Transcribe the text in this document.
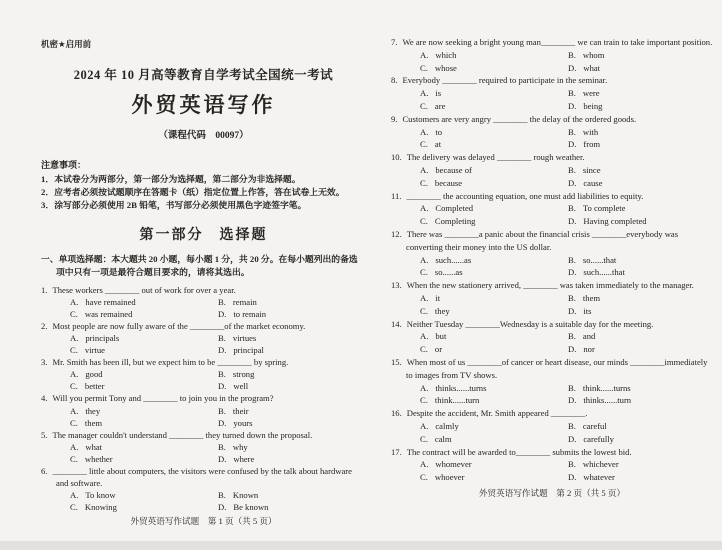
机密★启用前
2024 年 10 月高等教育自学考试全国统一考试
外贸英语写作
（课程代码　00097）
注意事项：
1．本试卷分为两部分，第一部分为选择题，第二部分为非选择题。
2．应考者必须按试题顺序在答题卡（纸）指定位置上作答，答在试卷上无效。
3．涂写部分必须使用 2B 铅笔，书写部分必须使用黑色字迹签字笔。
第一部分　选择题
一、单项选择题：本大题共 20 小题，每小题 1 分，共 20 分。在每小题列出的备选项中只有一项是最符合题目要求的，请将其选出。
1. These workers ________ out of work for over a year.
A. have remained	B. remain
C. was remained	D. to remain
2. Most people are now fully aware of the ________of the market economy.
A. principals	B. virtues
C. virtue	D. principal
3. Mr. Smith has been ill, but we expect him to be ________ by spring.
A. good	B. strong
C. better	D. well
4. Will you permit Tony and ________ to join you in the program?
A. they	B. their
C. them	D. yours
5. The manager couldn't understand ________ they turned down the proposal.
A. what	B. why
C. whether	D. where
6. ________ little about computers, the visitors were confused by the talk about hardware and software.
A. To know	B. Known
C. Knowing	D. Be known
外贸英语写作试题　第 1 页（共 5 页）
7. We are now seeking a bright young man________ we can train to take important position.
A. which	B. whom
C. whose	D. what
8. Everybody ________ required to participate in the seminar.
A. is	B. were
C. are	D. being
9. Customers are very angry ________ the delay of the ordered goods.
A. to	B. with
C. at	D. from
10. The delivery was delayed ________ rough weather.
A. because of	B. since
C. because	D. cause
11. ________ the accounting equation, one must add liabilities to equity.
A. Completed	B. To complete
C. Completing	D. Having completed
12. There was ________a panic about the financial crisis ________everybody was converting their money into the US dollar.
A. such......as	B. so......that
C. so......as	D. such......that
13. When the new stationery arrived, ________ was taken immediately to the manager.
A. it	B. them
C. they	D. its
14. Neither Tuesday ________Wednesday is a suitable day for the meeting.
A. but	B. and
C. or	D. nor
15. When most of us ________of cancer or heart disease, our minds ________immediately to images from TV shows.
A. thinks......turns	B. think......turns
C. think......turn	D. thinks......turn
16. Despite the accident, Mr. Smith appeared ________.
A. calmly	B. careful
C. calm	D. carefully
17. The contract will be awarded to________ submits the lowest bid.
A. whomever	B. whichever
C. whoever	D. whatever
外贸英语写作试题　第 2 页（共 5 页）
